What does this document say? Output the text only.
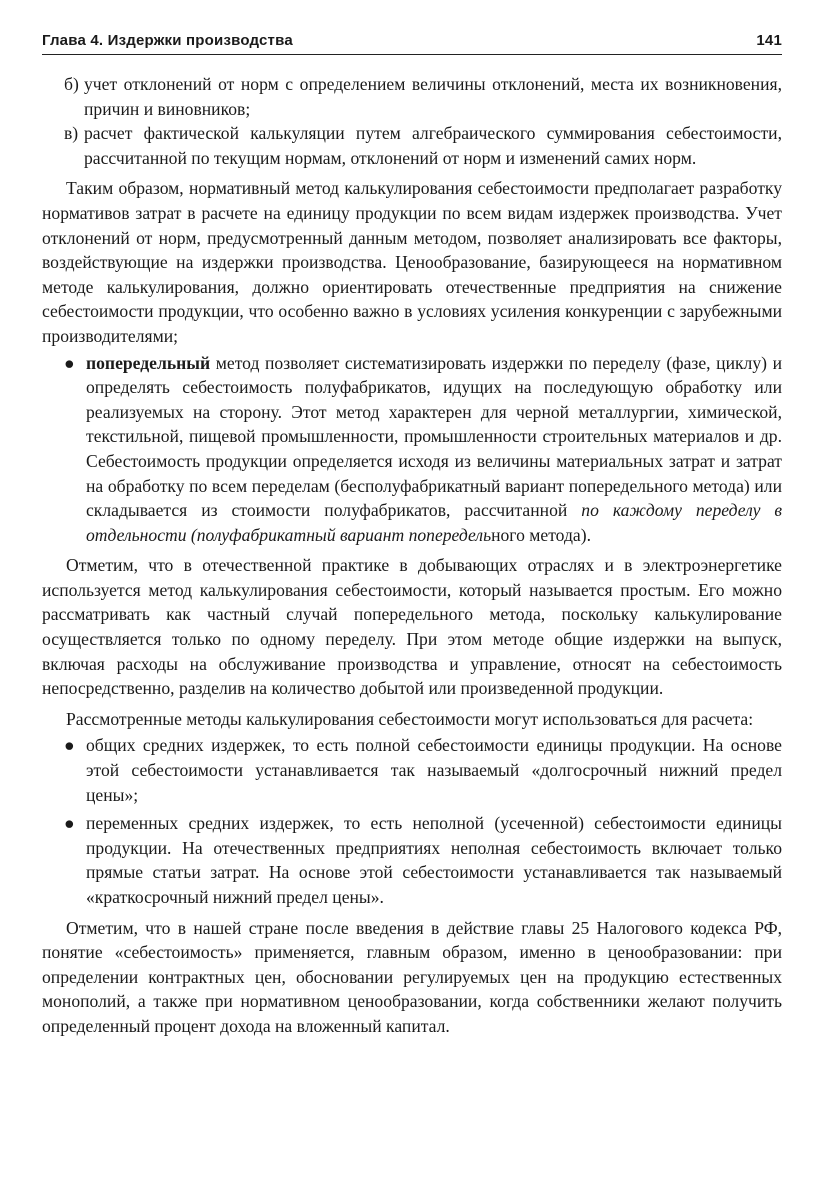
Глава 4. Издержки производства	141
б) учет отклонений от норм с определением величины отклонений, места их возникновения, причин и виновников;
в) расчет фактической калькуляции путем алгебраического суммирования себестоимости, рассчитанной по текущим нормам, отклонений от норм и изменений самих норм.

Таким образом, нормативный метод калькулирования себестоимости предполагает разработку нормативов затрат в расчете на единицу продукции по всем видам издержек производства. Учет отклонений от норм, предусмотренный данным методом, позволяет анализировать все факторы, воздействующие на издержки производства. Ценообразование, базирующееся на нормативном методе калькулирования, должно ориентировать отечественные предприятия на снижение себестоимости продукции, что особенно важно в условиях усиления конкуренции с зарубежными производителями;

● попередельный метод позволяет систематизировать издержки по переделу (фазе, циклу) и определять себестоимость полуфабрикатов, идущих на последующую обработку или реализуемых на сторону. Этот метод характерен для черной металлургии, химической, текстильной, пищевой промышленности, промышленности строительных материалов и др. Себестоимость продукции определяется исходя из величины материальных затрат и затрат на обработку по всем переделам (бесполуфабрикатный вариант попередельного метода) или складывается из стоимости полуфабрикатов, рассчитанной по каждому переделу в отдельности (полуфабрикатный вариант попередельного метода).

Отметим, что в отечественной практике в добывающих отраслях и в электроэнергетике используется метод калькулирования себестоимости, который называется простым. Его можно рассматривать как частный случай попередельного метода, поскольку калькулирование осуществляется только по одному переделу. При этом методе общие издержки на выпуск, включая расходы на обслуживание производства и управление, относят на себестоимость непосредственно, разделив на количество добытой или произведенной продукции.

Рассмотренные методы калькулирования себестоимости могут использоваться для расчета:

● общих средних издержек, то есть полной себестоимости единицы продукции. На основе этой себестоимости устанавливается так называемый «долгосрочный нижний предел цены»;
● переменных средних издержек, то есть неполной (усеченной) себестоимости единицы продукции. На отечественных предприятиях неполная себестоимость включает только прямые статьи затрат. На основе этой себестоимости устанавливается так называемый «краткосрочный нижний предел цены».

Отметим, что в нашей стране после введения в действие главы 25 Налогового кодекса РФ, понятие «себестоимость» применяется, главным образом, именно в ценообразовании: при определении контрактных цен, обосновании регулируемых цен на продукцию естественных монополий, а также при нормативном ценообразовании, когда собственники желают получить определенный процент дохода на вложенный капитал.
